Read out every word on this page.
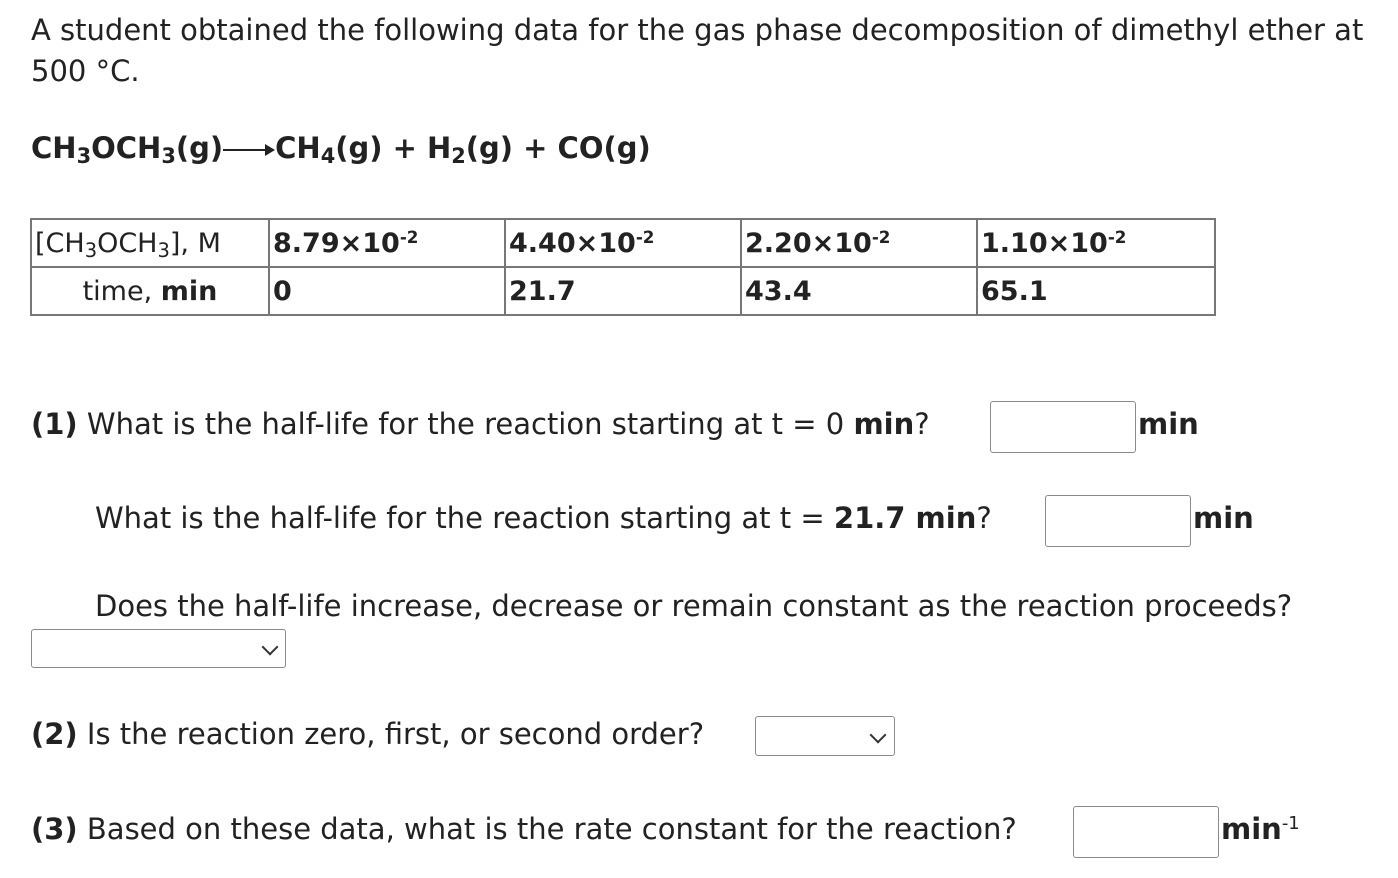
A student obtained the following data for the gas phase decomposition of dimethyl ether at 500 °C.
$CH_3OCH_3(g)\to CH_4(g) + H_2(g) + CO(g)$
$[CH_3OCH_3]$, M	$8.79\times 10^{-2}$	$4.40\times 10^{-2}$	$2.20\times 10^{-2}$	$1.10\times 10^{-2}$
time, min	0	21.7	43.4	65.1
(1) What is the half-life for the reaction starting at t = 0 min?	min
What is the half-life for the reaction starting at t = 21.7 min?	min
Does the half-life increase, decrease or remain constant as the reaction proceeds?
(2) Is the reaction zero, first, or second order?
(3) Based on these data, what is the rate constant for the reaction?	$\min^{-1}$
